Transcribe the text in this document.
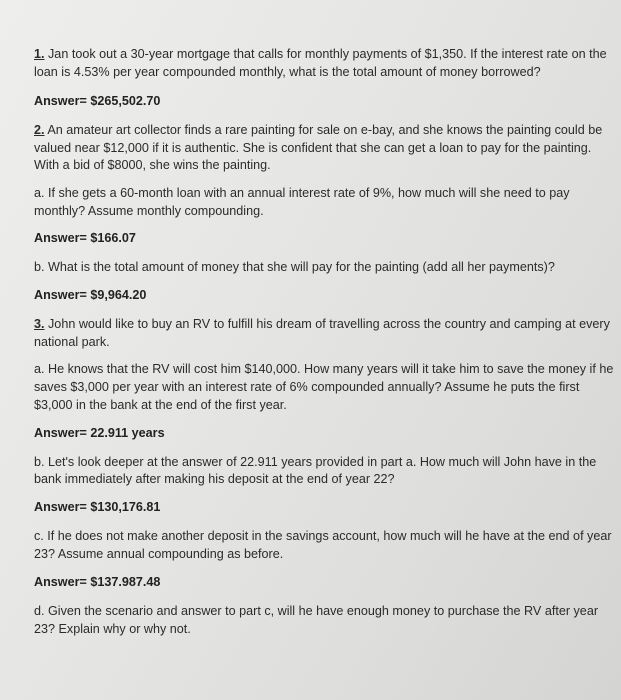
1. Jan took out a 30-year mortgage that calls for monthly payments of $1,350. If the interest rate on the
loan is 4.53% per year compounded monthly, what is the total amount of money borrowed?
Answer= $265,502.70
2. An amateur art collector finds a rare painting for sale on e-bay, and she knows the painting could be
valued near $12,000 if it is authentic. She is confident that she can get a loan to pay for the painting.
With a bid of $8000, she wins the painting.
a. If she gets a 60-month loan with an annual interest rate of 9%, how much will she need to pay
monthly? Assume monthly compounding.
Answer= $166.07
b. What is the total amount of money that she will pay for the painting (add all her payments)?
Answer= $9,964.20
3. John would like to buy an RV to fulfill his dream of travelling across the country and camping at every
national park.
a. He knows that the RV will cost him $140,000. How many years will it take him to save the money if he
saves $3,000 per year with an interest rate of 6% compounded annually? Assume he puts the first
$3,000 in the bank at the end of the first year.
Answer= 22.911 years
b. Let's look deeper at the answer of 22.911 years provided in part a. How much will John have in the
bank immediately after making his deposit at the end of year 22?
Answer= $130,176.81
c. If he does not make another deposit in the savings account, how much will he have at the end of year
23? Assume annual compounding as before.
Answer= $137.987.48
d. Given the scenario and answer to part c, will he have enough money to purchase the RV after year
23? Explain why or why not.
